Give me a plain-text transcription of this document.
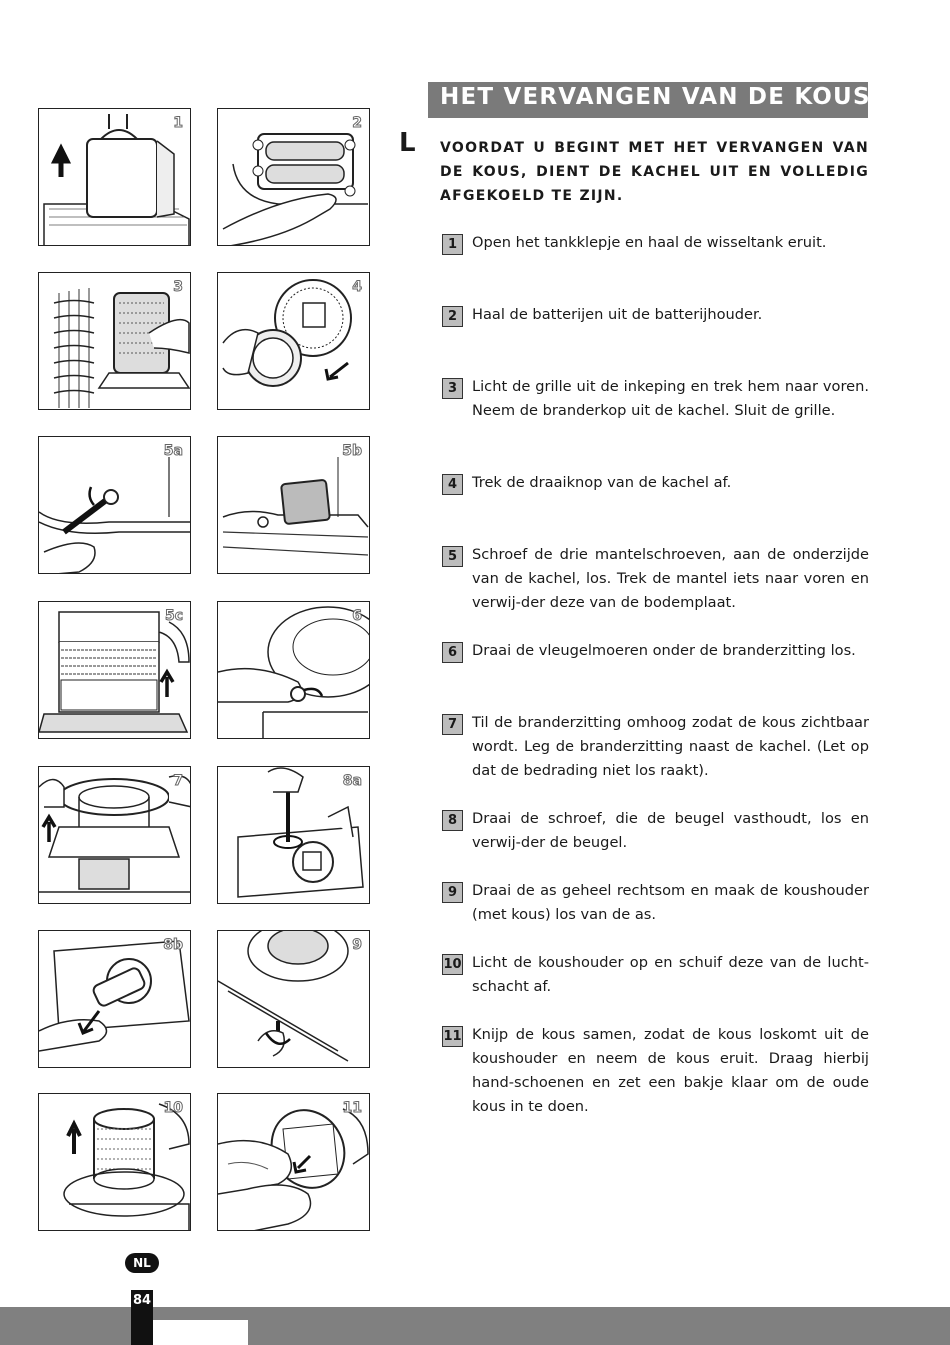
1	2
3	4
5a	5b
5c	6
7	8a
8b	9
10	11
HET VERVANGEN VAN DE KOUS
L VOORDAT U BEGINT MET HET VERVANGEN VAN DE KOUS, DIENT DE KACHEL UIT EN VOLLEDIG AFGEKOELD TE ZIJN.
1	Open het tankklepje en haal de wisseltank eruit.
2	Haal de batterijen uit de batterijhouder.
3	Licht de grille uit de inkeping en trek hem naar voren. Neem de branderkop uit de kachel. Sluit de grille.
4	Trek de draaiknop van de kachel af.
5	Schroef de drie mantelschroeven, aan de onderzijde van de kachel, los. Trek de mantel iets naar voren en verwij-der deze van de bodemplaat.
6	Draai de vleugelmoeren onder de branderzitting los.
7	Til de branderzitting omhoog zodat de kous zichtbaar wordt. Leg de branderzitting naast de kachel. (Let op dat de bedrading niet los raakt).
8	Draai de schroef, die de beugel vasthoudt, los en verwij-der de beugel.
9	Draai de as geheel rechtsom en maak de koushouder (met kous) los van de as.
10 Licht de koushouder op en schuif deze van de lucht-schacht af.
11 Knijp de kous samen, zodat de kous loskomt uit de koushouder en neem de kous eruit. Draag hierbij hand-schoenen en zet een bakje klaar om de oude kous in te doen.
NL
84
